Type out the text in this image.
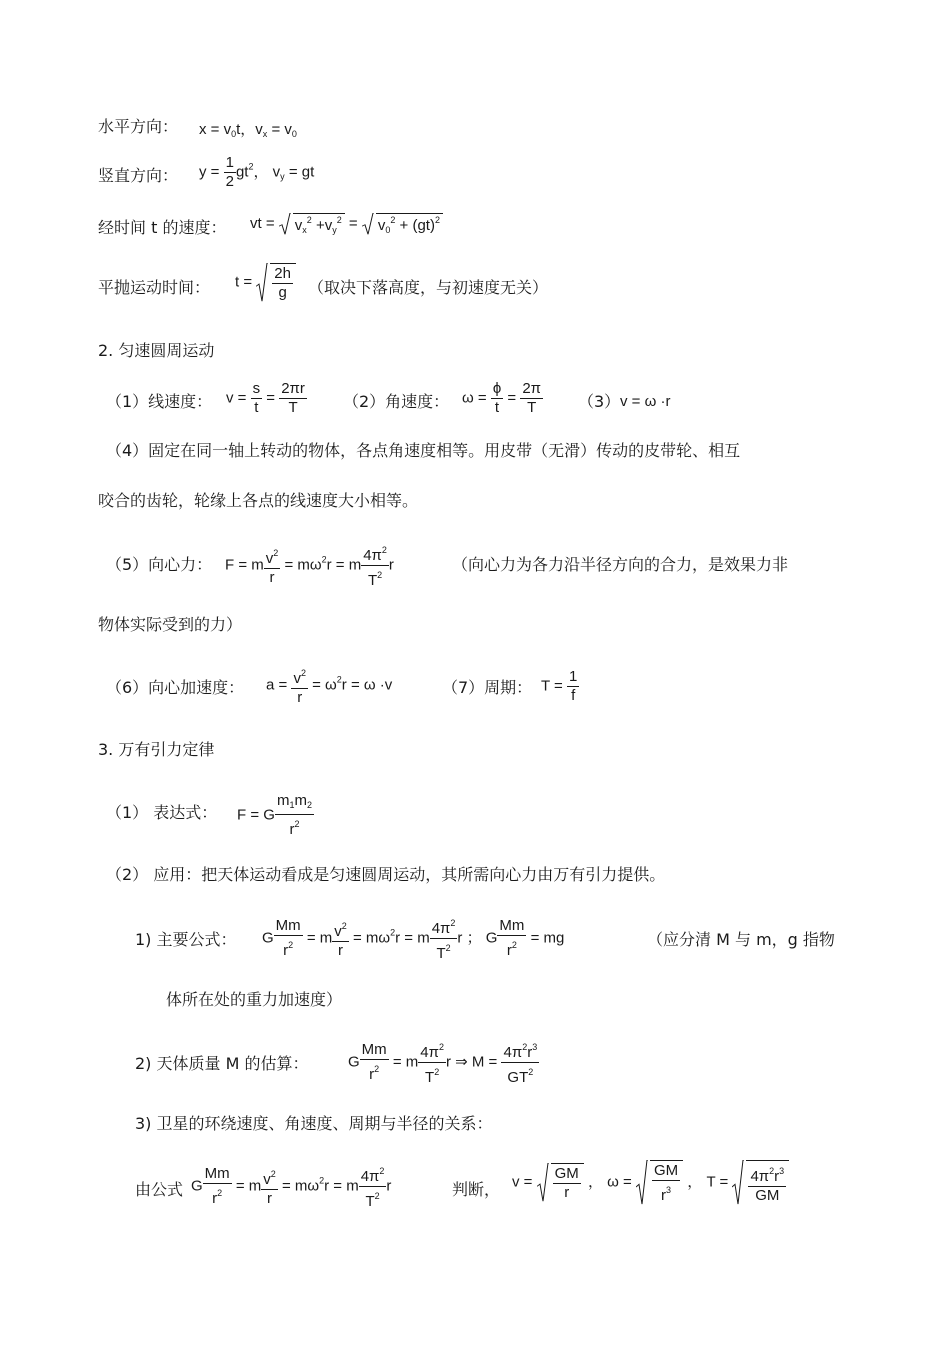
水平方向： $x = v_0t$，$v_x = v_0$
竖直方向： $y = \frac{1}{2} gt^2$， $v_y$ = gt
经时间 t 的速度： vt =
$v_x^2 +v_y^2$ =
$v_0^2 + (gt)^2$
平抛运动时间： $t = \frac{2h}{g}$ （取决下落高度，与初速度无关）
2. 匀速圆周运动
（1）线速度： $v = \frac{s}{t} = \frac{2\pi r}{T} (2)$角速度： $\omega = \frac{\phi}{t} = \frac{2\pi}{T} (3) v = \omega \cdot r$
（4）固定在同一轴上转动的物体，各点角速度相等。用皮带（无滑）传动的皮带轮、相互
咬合的齿轮，轮缘上各点的线速度大小相等。
（5）向心力： F = m $\frac{v^2}{r} = m\omega^2r = m \frac{4\pi^2}{T^2}$ r	（向心力为各力沿半径方向的合力，是效果力非
物体实际受到的力）
（6）向心加速度： $a = \frac{v^2}{r} = \omega^2r = \omega \cdot v$	（7）周期： $T = \frac{1}{f}$
3. 万有引力定律
（1） 表达式： F = G $\frac{m_1m_2}{r^2}$
（2） 应用：把天体运动看成是匀速圆周运动，其所需向心力由万有引力提供。
1) 主要公式： G $\frac{Mm}{r^2} = m \frac{v^2}{r} = m\omega^2r = m \frac{4\pi^2}{T^2}$ r ； G $\frac{Mm}{r^2}$ = mg	（应分清 M 与 m，g 指物
体所在处的重力加速度）
2) 天体质量 M 的估算：	G $\frac{Mm}{r^2} = m \frac{4\pi^2}{T^2}$ r ⇒ $M = \frac{4\pi^2r^3}{GT^2}$
3) 卫星的环绕速度、角速度、周期与半径的关系：
由公式 G $\frac{Mm}{r^2} = m \frac{v^2}{r} = m\omega^2r = m \frac{4\pi^2}{T^2}$ r	判断， $v = \frac{GM}{r}$ ， $\omega = \frac{GM}{r^3}$ ， $T = \frac{4\pi^2r^3}{GM}$
